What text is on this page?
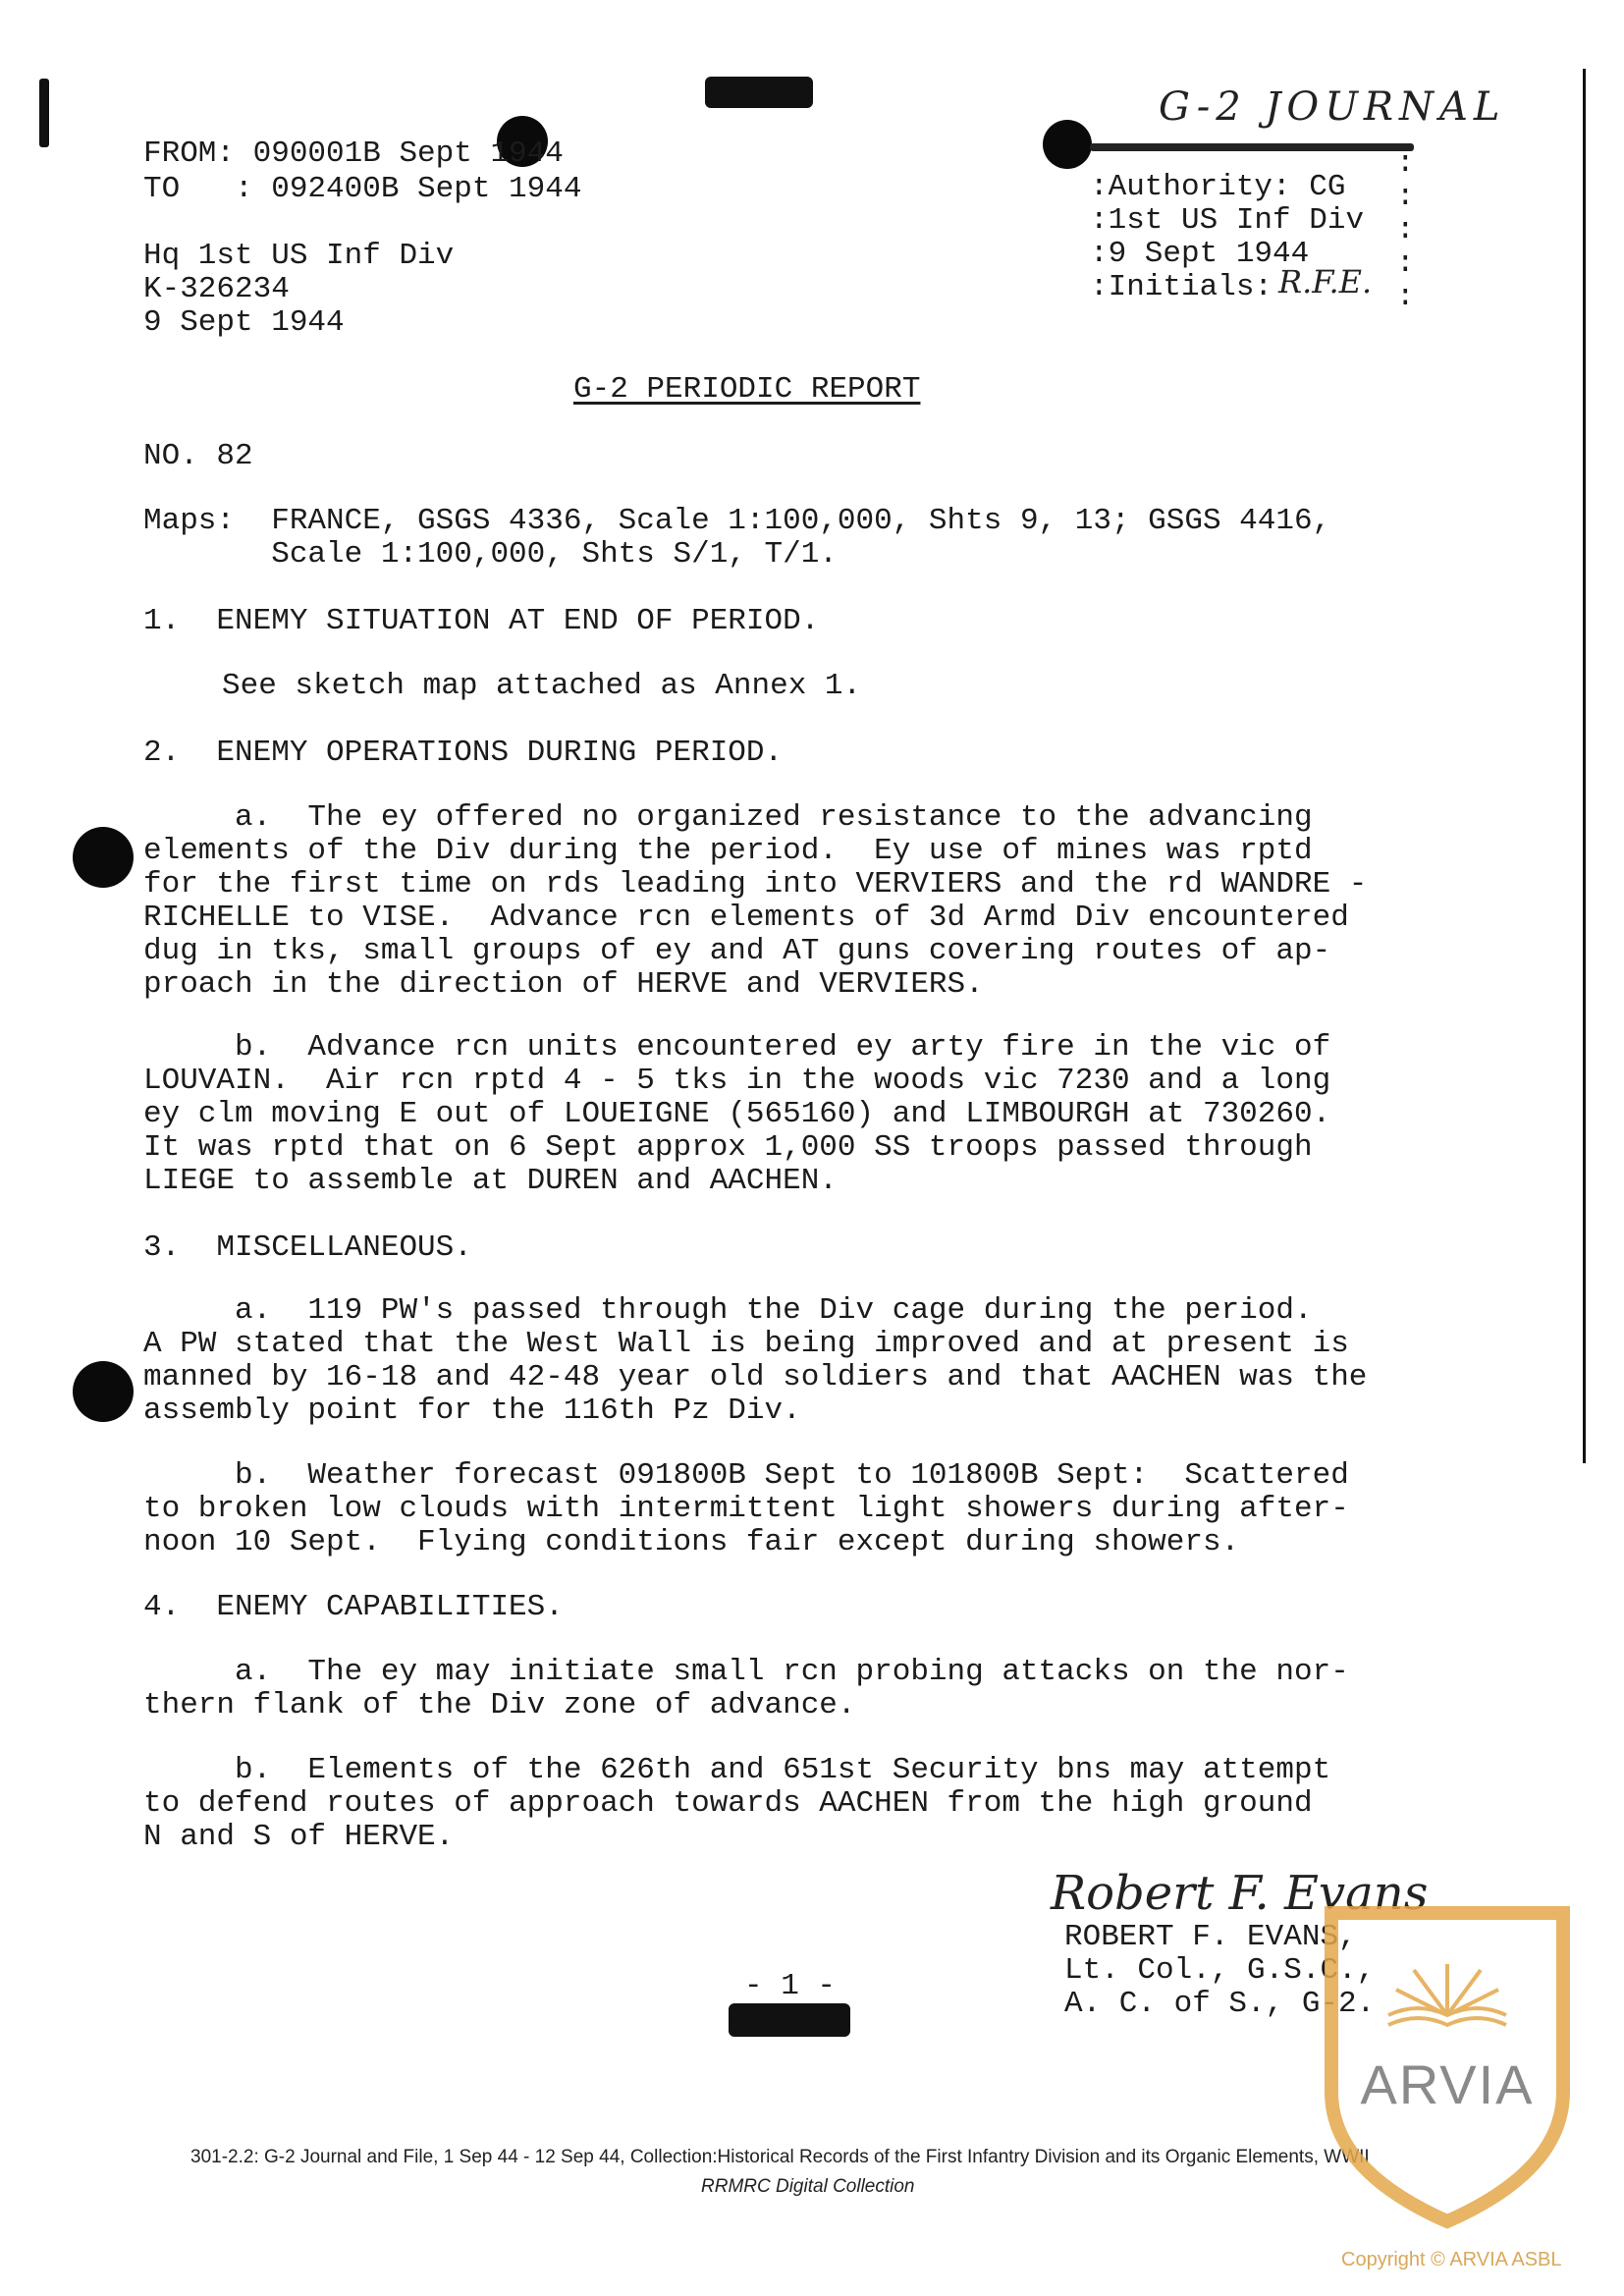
FROM: 090001B Sept 1944
TO   : 092400B Sept 1944
Hq 1st US Inf Div
K-326234
9 Sept 1944
G-2 JOURNAL
:Authority: CG
:1st US Inf Div
:9 Sept 1944
:Initials: R.F.E.
:
:
:
:
:
G-2 PERIODIC REPORT
NO. 82
Maps:  FRANCE, GSGS 4336, Scale 1:100,000, Shts 9, 13; GSGS 4416,
Scale 1:100,000, Shts S/1, T/1.
1.  ENEMY SITUATION AT END OF PERIOD.
See sketch map attached as Annex 1.
2.  ENEMY OPERATIONS DURING PERIOD.
a.  The ey offered no organized resistance to the advancing
elements of the Div during the period.  Ey use of mines was rptd
for the first time on rds leading into VERVIERS and the rd WANDRE -
RICHELLE to VISE.  Advance rcn elements of 3d Armd Div encountered
dug in tks, small groups of ey and AT guns covering routes of ap-
proach in the direction of HERVE and VERVIERS.
b.  Advance rcn units encountered ey arty fire in the vic of
LOUVAIN.  Air rcn rptd 4 - 5 tks in the woods vic 7230 and a long
ey clm moving E out of LOUEIGNE (565160) and LIMBOURGH at 730260.
It was rptd that on 6 Sept approx 1,000 SS troops passed through
LIEGE to assemble at DUREN and AACHEN.
3.  MISCELLANEOUS.
a.  119 PW's passed through the Div cage during the period.
A PW stated that the West Wall is being improved and at present is
manned by 16-18 and 42-48 year old soldiers and that AACHEN was the
assembly point for the 116th Pz Div.
b.  Weather forecast 091800B Sept to 101800B Sept:  Scattered
to broken low clouds with intermittent light showers during after-
noon 10 Sept.  Flying conditions fair except during showers.
4.  ENEMY CAPABILITIES.
a.  The ey may initiate small rcn probing attacks on the nor-
thern flank of the Div zone of advance.
b.  Elements of the 626th and 651st Security bns may attempt
to defend routes of approach towards AACHEN from the high ground
N and S of HERVE.
Robert F. Evans
ROBERT F. EVANS,
Lt. Col., G.S.C.,
A. C. of S., G-2.
- 1 -
301-2.2: G-2 Journal and File, 1 Sep 44 - 12 Sep 44, Collection:Historical Records of the First Infantry Division and its Organic Elements, WWII
RRMRC Digital Collection
ARVIA
Copyright © ARVIA ASBL
